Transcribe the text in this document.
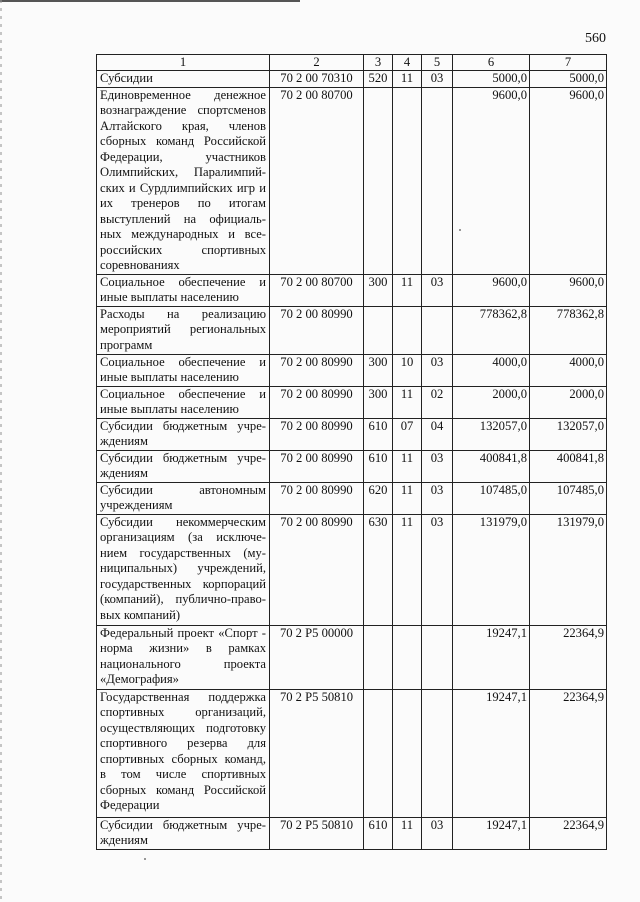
560
1	2	3	4	5	6	7
Субсидии	70 2 00 70310	520	11	03	5000,0	5000,0
Единовременное денежное вознаграждение спортсменов Алтайского края, членов сборных команд Российской Федерации, участников Олимпийских, Паралимпий-ских и Сурдлимпийских игр и их тренеров по итогам выступлений на официаль-ных международных и все-российских спортивных соревнованиях	70 2 00 80700				9600,0	9600,0
Социальное обеспечение и иные выплаты населению	70 2 00 80700	300	11	03	9600,0	9600,0
Расходы на реализацию мероприятий региональных программ	70 2 00 80990				778362,8	778362,8
Социальное обеспечение и иные выплаты населению	70 2 00 80990	300	10	03	4000,0	4000,0
Социальное обеспечение и иные выплаты населению	70 2 00 80990	300	11	02	2000,0	2000,0
Субсидии бюджетным учре-ждениям	70 2 00 80990	610	07	04	132057,0	132057,0
Субсидии бюджетным учре-ждениям	70 2 00 80990	610	11	03	400841,8	400841,8
Субсидии автономным учреждениям	70 2 00 80990	620	11	03	107485,0	107485,0
Субсидии некоммерческим организациям (за исключе-нием государственных (му-ниципальных) учреждений, государственных корпораций (компаний), публично-право-вых компаний)	70 2 00 80990	630	11	03	131979,0	131979,0
Федеральный проект «Спорт - норма жизни» в рамках национального проекта «Демография»	70 2 P5 00000				19247,1	22364,9
Государственная поддержка спортивных организаций, осуществляющих подготовку спортивного резерва для спортивных сборных команд, в том числе спортивных сборных команд Российской Федерации	70 2 P5 50810				19247,1	22364,9
Субсидии бюджетным учре-ждениям	70 2 P5 50810	610	11	03	19247,1	22364,9
